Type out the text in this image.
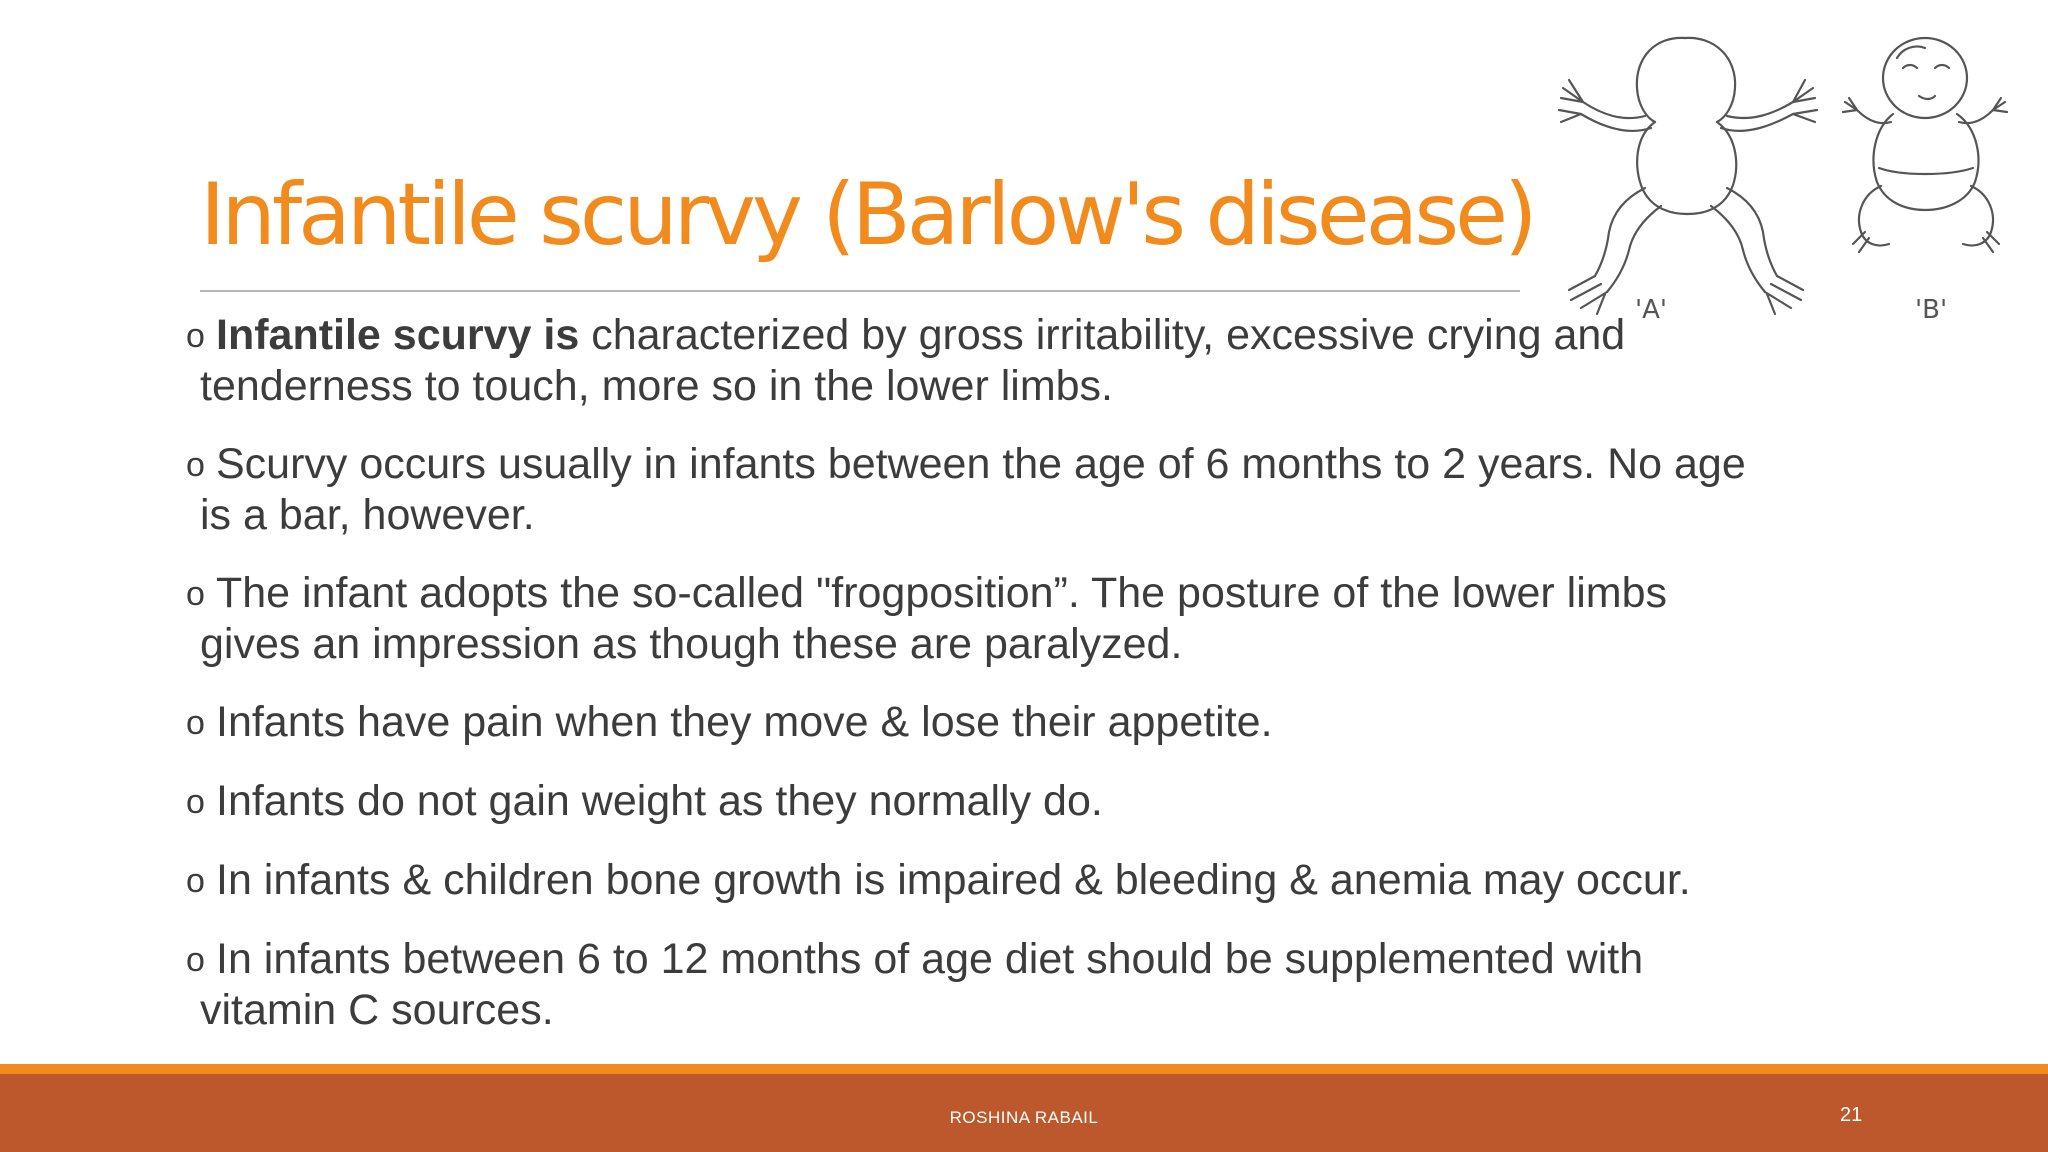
Infantile scurvy (Barlow's disease)
'A'	'B'
o Infantile scurvy is characterized by gross irritability, excessive crying and
tenderness to touch, more so in the lower limbs.
o Scurvy occurs usually in infants between the age of 6 months to 2 years. No age
is a bar, however.
o The infant adopts the so-called "frogposition”. The posture of the lower limbs
gives an impression as though these are paralyzed.
o Infants have pain when they move & lose their appetite.
o Infants do not gain weight as they normally do.
o In infants & children bone growth is impaired & bleeding & anemia may occur.
o In infants between 6 to 12 months of age diet should be supplemented with
vitamin C sources.
ROSHINA RABAIL	21
